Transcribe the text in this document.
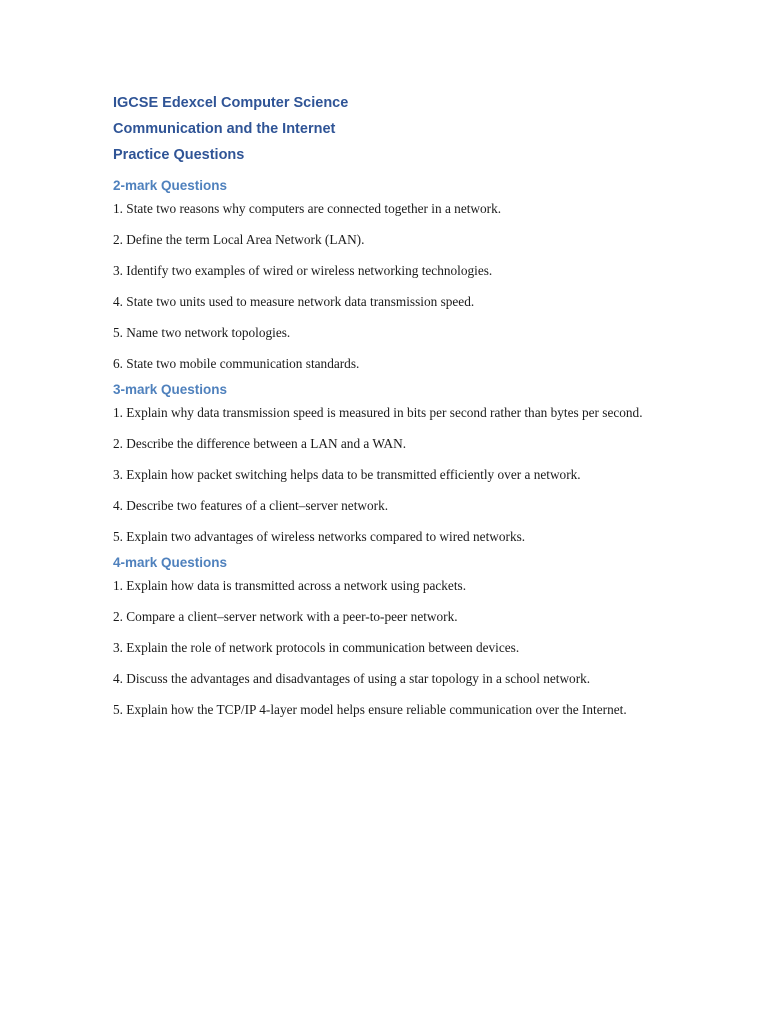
IGCSE Edexcel Computer Science

Communication and the Internet

Practice Questions

2-mark Questions
1. State two reasons why computers are connected together in a network.
2. Define the term Local Area Network (LAN).
3. Identify two examples of wired or wireless networking technologies.
4. State two units used to measure network data transmission speed.
5. Name two network topologies.
6. State two mobile communication standards.
3-mark Questions
1. Explain why data transmission speed is measured in bits per second rather than bytes per second.
2. Describe the difference between a LAN and a WAN.
3. Explain how packet switching helps data to be transmitted efficiently over a network.
4. Describe two features of a client–server network.
5. Explain two advantages of wireless networks compared to wired networks.
4-mark Questions
1. Explain how data is transmitted across a network using packets.
2. Compare a client–server network with a peer-to-peer network.
3. Explain the role of network protocols in communication between devices.
4. Discuss the advantages and disadvantages of using a star topology in a school network.
5. Explain how the TCP/IP 4-layer model helps ensure reliable communication over the Internet.
